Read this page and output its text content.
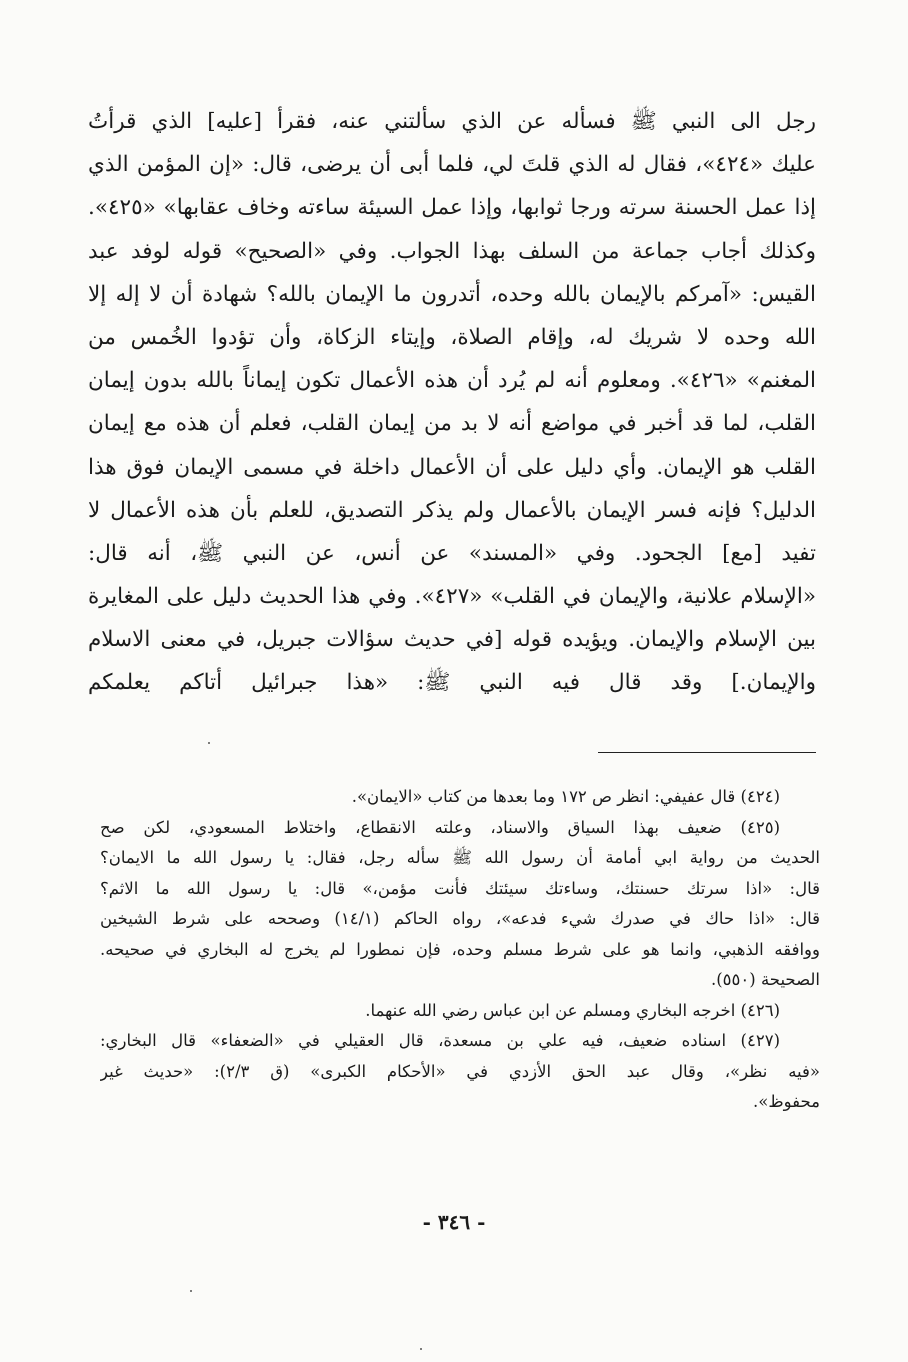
رجل الى النبي ﷺ فسأله عن الذي سألتني عنه، فقرأ [عليه] الذي قرأتُ
عليك «٤٢٤»، فقال له الذي قلتَ لي، فلما أبى أن يرضى، قال: «إن المؤمن الذي
إذا عمل الحسنة سرته ورجا ثوابها، وإذا عمل السيئة ساءته وخاف عقابها» «٤٢٥».
وكذلك أجاب جماعة من السلف بهذا الجواب. وفي «الصحيح» قوله لوفد عبد
القيس: «آمركم بالإيمان بالله وحده، أتدرون ما الإيمان بالله؟ شهادة أن لا إله إلا
الله وحده لا شريك له، وإقام الصلاة، وإيتاء الزكاة، وأن تؤدوا الخُمس من
المغنم» «٤٢٦». ومعلوم أنه لم يُرد أن هذه الأعمال تكون إيماناً بالله بدون إيمان
القلب، لما قد أخبر في مواضع أنه لا بد من إيمان القلب، فعلم أن هذه مع إيمان
القلب هو الإيمان. وأي دليل على أن الأعمال داخلة في مسمى الإيمان فوق هذا
الدليل؟ فإنه فسر الإيمان بالأعمال ولم يذكر التصديق، للعلم بأن هذه الأعمال لا
تفيد [مع] الجحود. وفي «المسند» عن أنس، عن النبي ﷺ، أنه قال:
«الإسلام علانية، والإيمان في القلب» «٤٢٧». وفي هذا الحديث دليل على المغايرة
بين الإسلام والإيمان. ويؤيده قوله [في حديث سؤالات جبريل، في معنى الاسلام
والإيمان.] وقد قال فيه النبي ﷺ: «هذا جبرائيل أتاكم يعلمكم
(٤٢٤) قال عفيفي: انظر ص ١٧٢ وما بعدها من كتاب «الايمان».
(٤٢٥) ضعيف بهذا السياق والاسناد، وعلته الانقطاع، واختلاط المسعودي، لكن صح
الحديث من رواية ابي أمامة أن رسول الله ﷺ سأله رجل، فقال: يا رسول الله ما الايمان؟
قال: «اذا سرتك حسنتك، وساءتك سيئتك فأنت مؤمن،» قال: يا رسول الله ما الاثم؟
قال: «اذا حاك في صدرك شيء فدعه»، رواه الحاكم (١٤/١) وصححه على شرط الشيخين
ووافقه الذهبي، وانما هو على شرط مسلم وحده، فإن نمطورا لم يخرج له البخاري في صحيحه.
الصحيحة (٥٥٠).
(٤٢٦) اخرجه البخاري ومسلم عن ابن عباس رضي الله عنهما.
(٤٢٧) اسناده ضعيف، فيه علي بن مسعدة، قال العقيلي في «الضعفاء» قال البخاري:
«فيه نظر»، وقال عبد الحق الأزدي في «الأحكام الكبرى» (ق ٢/٣): «حديث غير
محفوظ».
- ٣٤٦ -
